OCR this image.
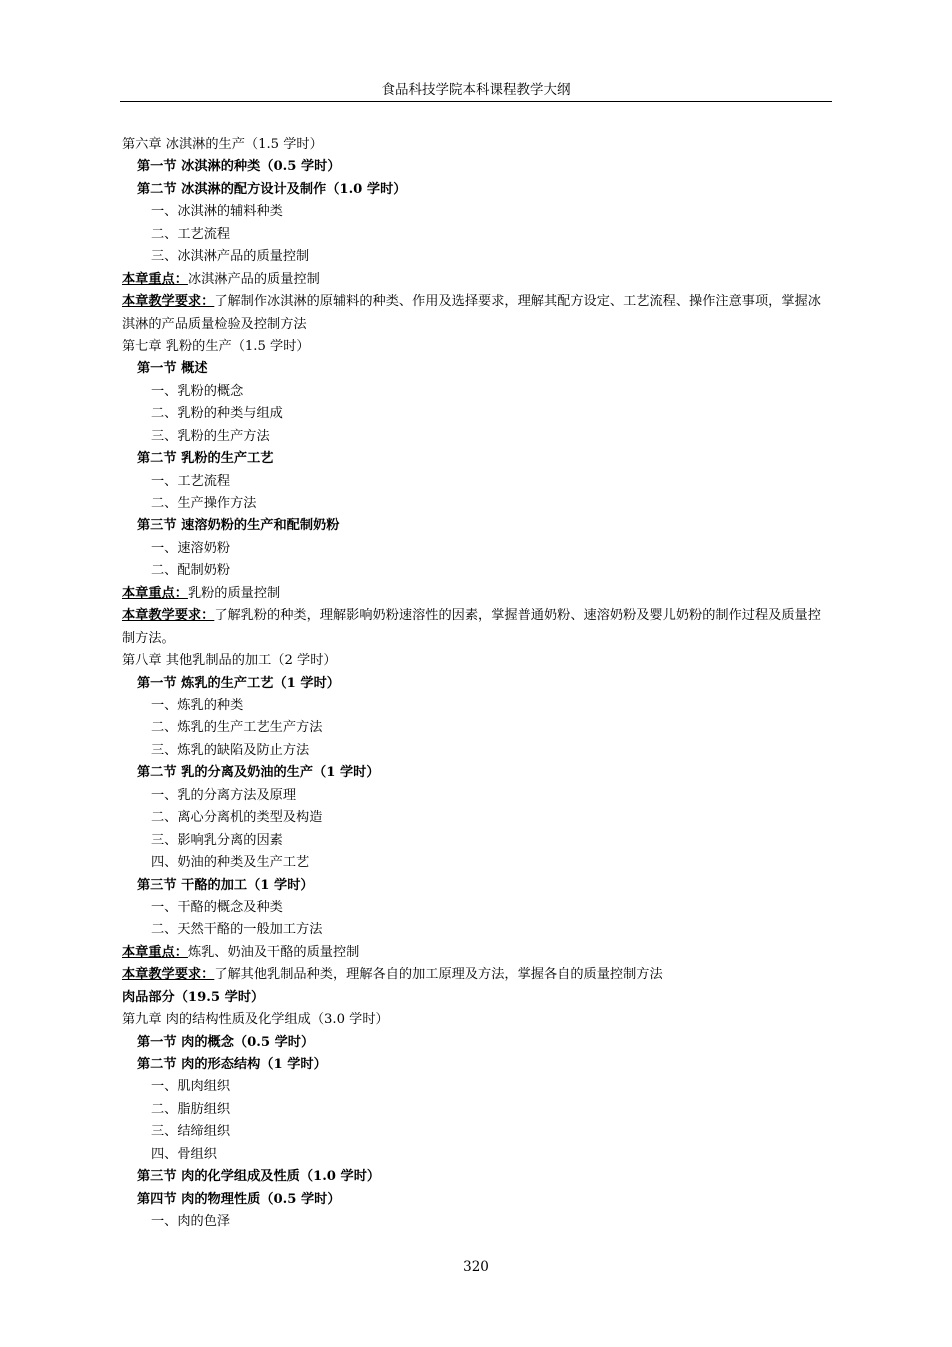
食品科技学院本科课程教学大纲
第六章 冰淇淋的生产（1.5 学时）
第一节 冰淇淋的种类（0.5 学时）
第二节 冰淇淋的配方设计及制作（1.0 学时）
一、冰淇淋的辅料种类
二、工艺流程
三、冰淇淋产品的质量控制
本章重点：冰淇淋产品的质量控制
本章教学要求：了解制作冰淇淋的原辅料的种类、作用及选择要求，理解其配方设定、工艺流程、操作注意事项，掌握冰淇淋的产品质量检验及控制方法
第七章 乳粉的生产（1.5 学时）
第一节 概述
一、乳粉的概念
二、乳粉的种类与组成
三、乳粉的生产方法
第二节 乳粉的生产工艺
一、工艺流程
二、生产操作方法
第三节 速溶奶粉的生产和配制奶粉
一、速溶奶粉
二、配制奶粉
本章重点：乳粉的质量控制
本章教学要求：了解乳粉的种类，理解影响奶粉速溶性的因素，掌握普通奶粉、速溶奶粉及婴儿奶粉的制作过程及质量控制方法。
第八章 其他乳制品的加工（2 学时）
第一节 炼乳的生产工艺（1 学时）
一、炼乳的种类
二、炼乳的生产工艺生产方法
三、炼乳的缺陷及防止方法
第二节 乳的分离及奶油的生产（1 学时）
一、乳的分离方法及原理
二、离心分离机的类型及构造
三、影响乳分离的因素
四、奶油的种类及生产工艺
第三节 干酪的加工（1 学时）
一、干酪的概念及种类
二、天然干酪的一般加工方法
本章重点：炼乳、奶油及干酪的质量控制
本章教学要求：了解其他乳制品种类，理解各自的加工原理及方法，掌握各自的质量控制方法
肉品部分（19.5 学时）
第九章 肉的结构性质及化学组成（3.0 学时）
第一节 肉的概念（0.5 学时）
第二节 肉的形态结构（1 学时）
一、肌肉组织
二、脂肪组织
三、结缔组织
四、骨组织
第三节 肉的化学组成及性质（1.0 学时）
第四节 肉的物理性质（0.5 学时）
一、肉的色泽
320
